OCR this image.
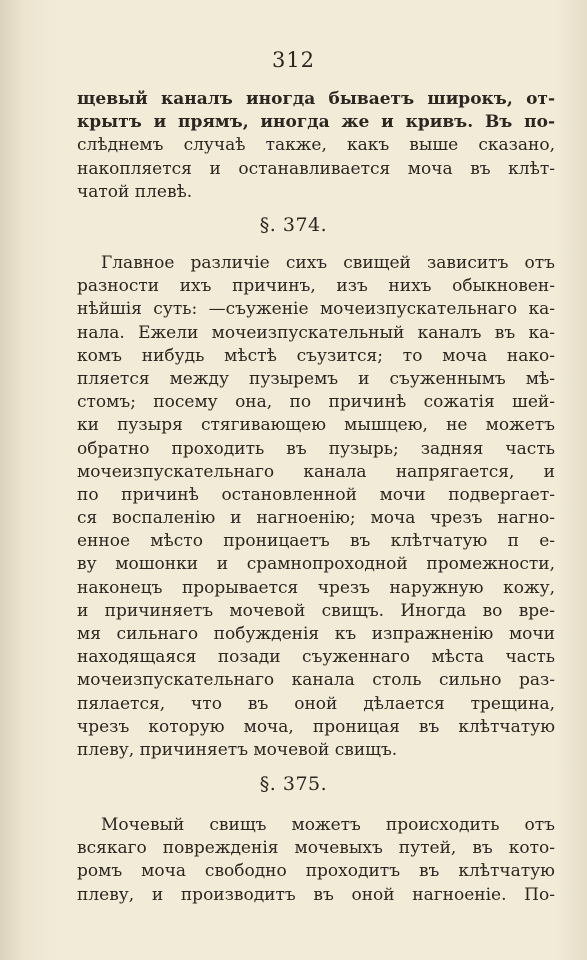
312
щевый каналъ иногда бываетъ широкъ, от-
крытъ и прямъ, иногда же и кривъ. Въ по-
слѣднемъ случаѣ также, какъ выше сказано,
накопляется и останавливается моча въ клѣт-
чатой плевѣ.
§. 374.
Главное различіе сихъ свищей зависитъ отъ
разности ихъ причинъ, изъ нихъ обыкновен-
нѣйшія суть: —съуженіе мочеизпускательнаго ка-
нала. Ежели мочеизпускательный каналъ въ ка-
комъ нибудь мѣстѣ съузится; то моча нако-
пляется между пузыремъ и съуженнымъ мѣ-
стомъ; посему она, по причинѣ сожатія шей-
ки пузыря стягивающею мышцею, не можетъ
обратно проходить въ пузырь; задняя часть
мочеизпускательнаго канала напрягается, и
по причинѣ остановленной мочи подвергает-
ся воспаленію и нагноенію; моча чрезъ нагно-
енное мѣсто проницаетъ въ клѣтчатую п е-
ву мошонки и срамнопроходной промежности,
наконецъ прорывается чрезъ наружную кожу,
и причиняетъ мочевой свищъ. Иногда во вре-
мя сильнаго побужденія къ изпражненію мочи
находящаяся позади съуженнаго мѣста часть
мочеизпускательнаго канала столь сильно раз-
пялается, что въ оной дѣлается трещина,
чрезъ которую моча, проницая въ клѣтчатую
плеву, причиняетъ мочевой свищъ.
§. 375.
Мочевый свищъ можетъ происходить отъ
всякаго поврежденія мочевыхъ путей, въ кото-
ромъ моча свободно проходитъ въ клѣтчатую
плеву, и производитъ въ оной нагноеніе. По-
